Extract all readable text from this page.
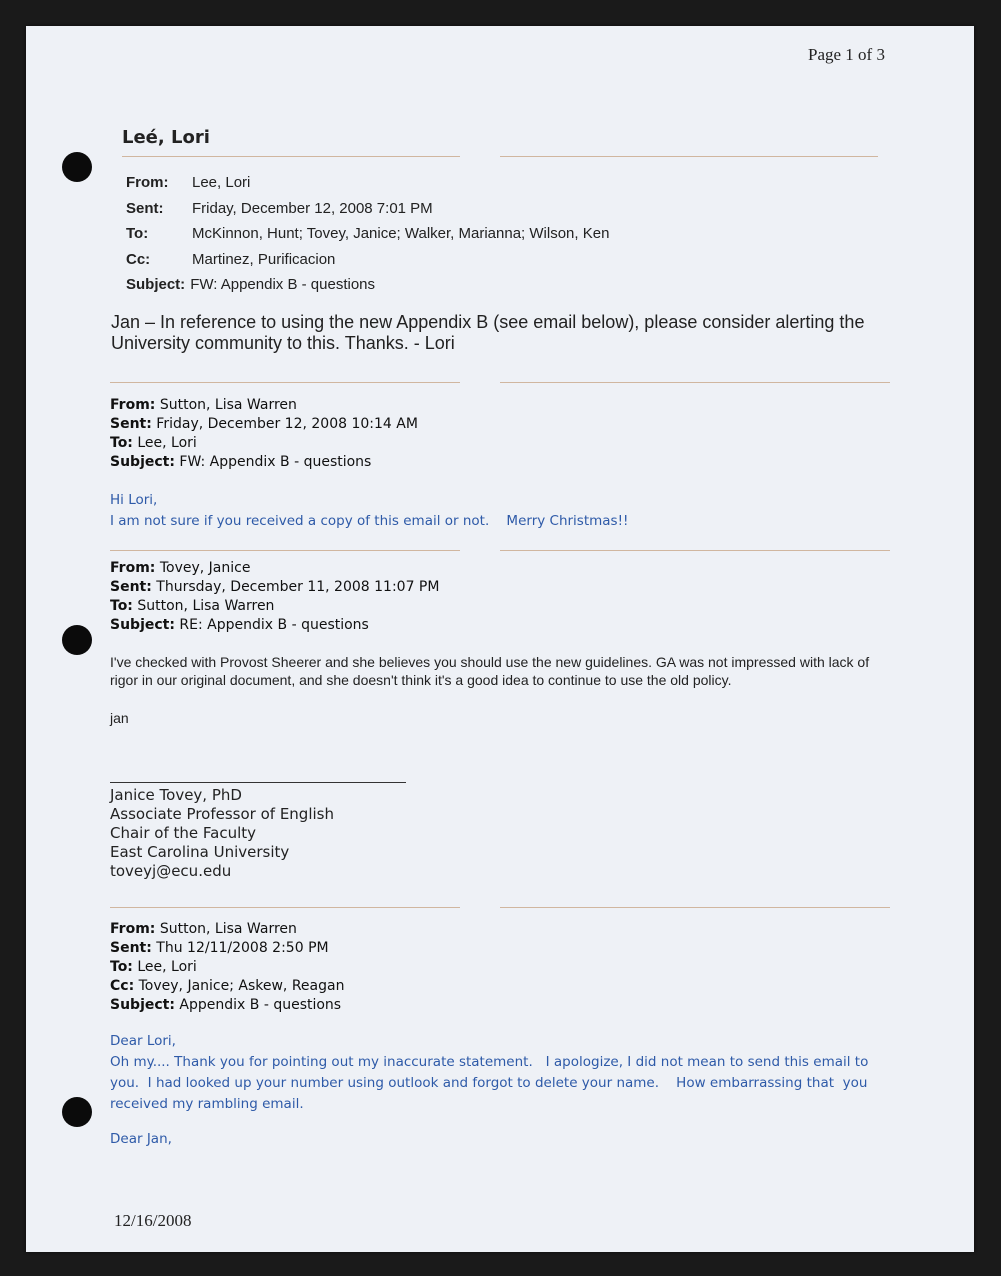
Page 1 of 3
Leé, Lori
From:	Lee, Lori
Sent:	Friday, December 12, 2008 7:01 PM
To:	McKinnon, Hunt; Tovey, Janice; Walker, Marianna; Wilson, Ken
Cc:	Martinez, Purificacion
Subject: FW: Appendix B - questions
Jan – In reference to using the new Appendix B (see email below), please consider alerting the University community to this. Thanks. - Lori
From: Sutton, Lisa Warren
Sent: Friday, December 12, 2008 10:14 AM
To: Lee, Lori
Subject: FW: Appendix B - questions
Hi Lori,
I am not sure if you received a copy of this email or not.    Merry Christmas!!
From: Tovey, Janice
Sent: Thursday, December 11, 2008 11:07 PM
To: Sutton, Lisa Warren
Subject: RE: Appendix B - questions
I've checked with Provost Sheerer and she believes you should use the new guidelines. GA was not impressed with lack of rigor in our original document, and she doesn't think it's a good idea to continue to use the old policy.
jan
Janice Tovey, PhD
Associate Professor of English
Chair of the Faculty
East Carolina University
toveyj@ecu.edu
From: Sutton, Lisa Warren
Sent: Thu 12/11/2008 2:50 PM
To: Lee, Lori
Cc: Tovey, Janice; Askew, Reagan
Subject: Appendix B - questions
Dear Lori,
Oh my.... Thank you for pointing out my inaccurate statement.   I apologize, I did not mean to send this email to
you.  I had looked up your number using outlook and forgot to delete your name.    How embarrassing that  you
received my rambling email.
Dear Jan,
12/16/2008
